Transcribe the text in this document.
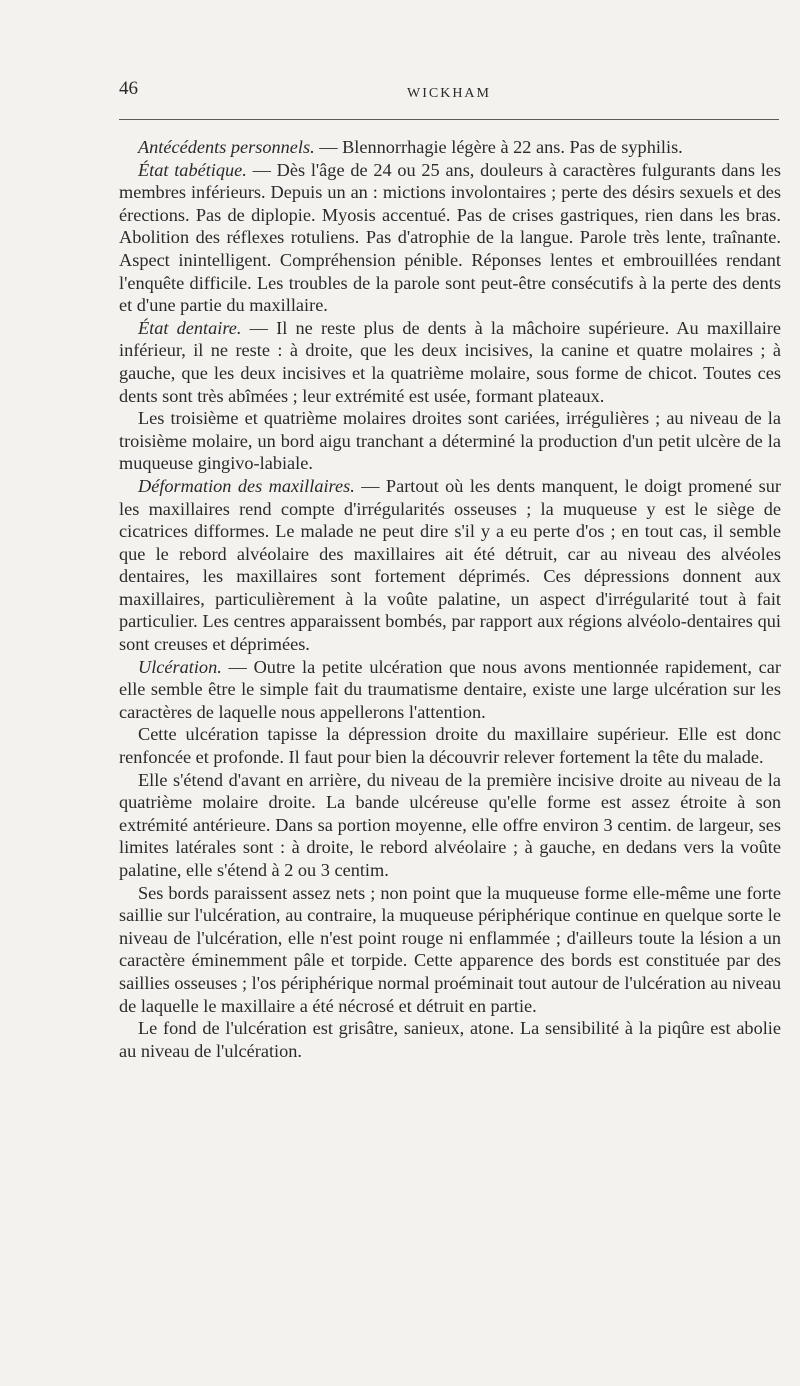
46	WICKHAM

Antécédents personnels. — Blennorrhagie légère à 22 ans. Pas de syphilis.

État tabétique. — Dès l'âge de 24 ou 25 ans, douleurs à caractères fulgurants dans les membres inférieurs. Depuis un an : mictions involontaires ; perte des désirs sexuels et des érections. Pas de diplopie. Myosis accentué. Pas de crises gastriques, rien dans les bras. Abolition des réflexes rotuliens. Pas d'atrophie de la langue. Parole très lente, traînante. Aspect inintelligent. Compréhension pénible. Réponses lentes et embrouillées rendant l'enquête difficile. Les troubles de la parole sont peut-être consécutifs à la perte des dents et d'une partie du maxillaire.

État dentaire. — Il ne reste plus de dents à la mâchoire supérieure. Au maxillaire inférieur, il ne reste : à droite, que les deux incisives, la canine et quatre molaires ; à gauche, que les deux incisives et la quatrième molaire, sous forme de chicot. Toutes ces dents sont très abîmées ; leur extrémité est usée, formant plateaux.

Les troisième et quatrième molaires droites sont cariées, irrégulières ; au niveau de la troisième molaire, un bord aigu tranchant a déterminé la production d'un petit ulcère de la muqueuse gingivo-labiale.

Déformation des maxillaires. — Partout où les dents manquent, le doigt promené sur les maxillaires rend compte d'irrégularités osseuses ; la muqueuse y est le siège de cicatrices difformes. Le malade ne peut dire s'il y a eu perte d'os ; en tout cas, il semble que le rebord alvéolaire des maxillaires ait été détruit, car au niveau des alvéoles dentaires, les maxillaires sont fortement déprimés. Ces dépressions donnent aux maxillaires, particulièrement à la voûte palatine, un aspect d'irrégularité tout à fait particulier. Les centres apparaissent bombés, par rapport aux régions alvéolo-dentaires qui sont creuses et déprimées.

Ulcération. — Outre la petite ulcération que nous avons mentionnée rapidement, car elle semble être le simple fait du traumatisme dentaire, existe une large ulcération sur les caractères de laquelle nous appellerons l'attention.

Cette ulcération tapisse la dépression droite du maxillaire supérieur. Elle est donc renfoncée et profonde. Il faut pour bien la découvrir relever fortement la tête du malade.

Elle s'étend d'avant en arrière, du niveau de la première incisive droite au niveau de la quatrième molaire droite. La bande ulcéreuse qu'elle forme est assez étroite à son extrémité antérieure. Dans sa portion moyenne, elle offre environ 3 centim. de largeur, ses limites latérales sont : à droite, le rebord alvéolaire ; à gauche, en dedans vers la voûte palatine, elle s'étend à 2 ou 3 centim.

Ses bords paraissent assez nets ; non point que la muqueuse forme elle-même une forte saillie sur l'ulcération, au contraire, la muqueuse périphérique continue en quelque sorte le niveau de l'ulcération, elle n'est point rouge ni enflammée ; d'ailleurs toute la lésion a un caractère éminemment pâle et torpide. Cette apparence des bords est constituée par des saillies osseuses ; l'os périphérique normal proéminait tout autour de l'ulcération au niveau de laquelle le maxillaire a été nécrosé et détruit en partie.

Le fond de l'ulcération est grisâtre, sanieux, atone. La sensibilité à la piqûre est abolie au niveau de l'ulcération.
